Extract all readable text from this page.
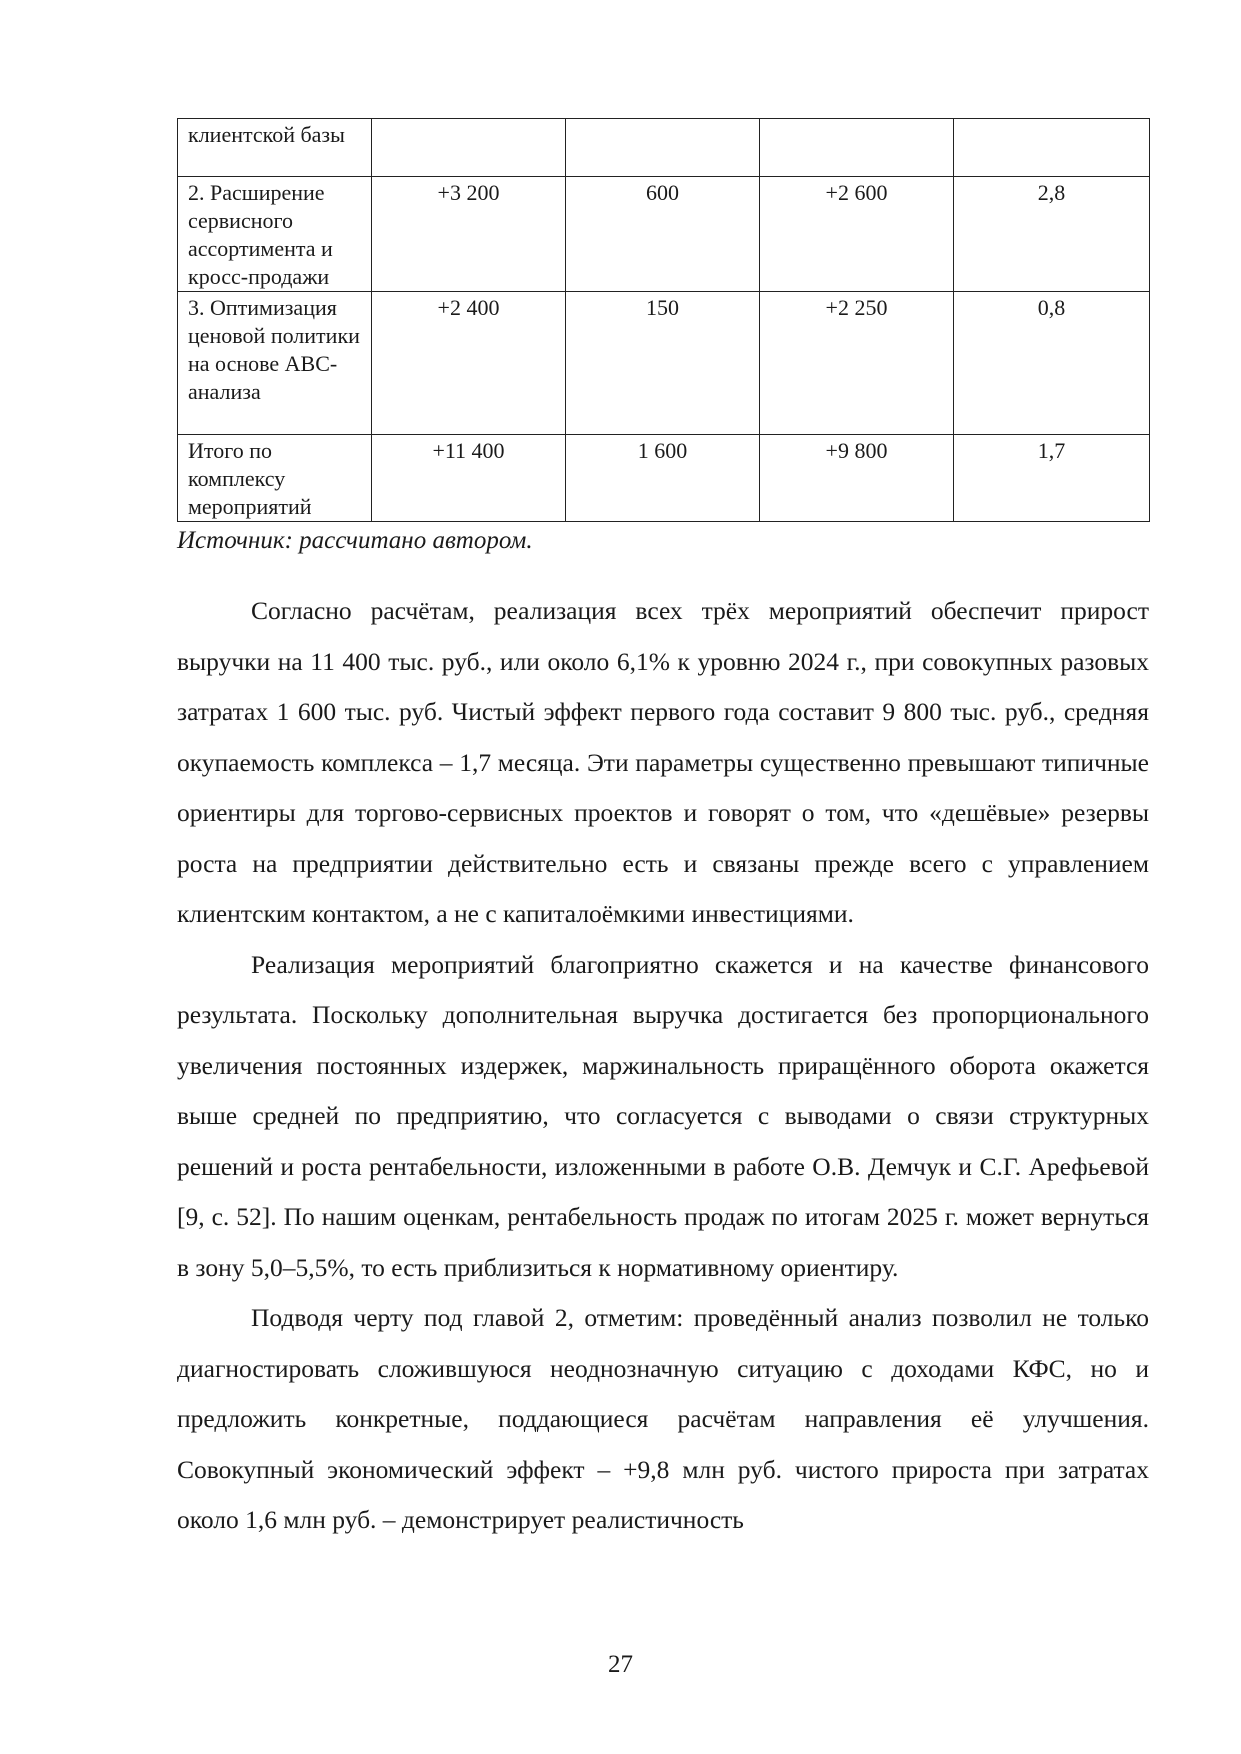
клиентской базы				
2. Расширение сервисного ассортимента и кросс-продажи	+3 200	600	+2 600	2,8
3. Оптимизация ценовой политики на основе ABC-анализа	+2 400	150	+2 250	0,8
Итого по комплексу мероприятий	+11 400	1 600	+9 800	1,7
Источник: рассчитано автором.

Согласно расчётам, реализация всех трёх мероприятий обеспечит прирост выручки на 11 400 тыс. руб., или около 6,1% к уровню 2024 г., при совокупных разовых затратах 1 600 тыс. руб. Чистый эффект первого года составит 9 800 тыс. руб., средняя окупаемость комплекса – 1,7 месяца. Эти параметры существенно превышают типичные ориентиры для торгово-сервисных проектов и говорят о том, что «дешёвые» резервы роста на предприятии действительно есть и связаны прежде всего с управлением клиентским контактом, а не с капиталоёмкими инвестициями.

Реализация мероприятий благоприятно скажется и на качестве финансового результата. Поскольку дополнительная выручка достигается без пропорционального увеличения постоянных издержек, маржинальность приращённого оборота окажется выше средней по предприятию, что согласуется с выводами о связи структурных решений и роста рентабельности, изложенными в работе О.В. Демчук и С.Г. Арефьевой [9, с. 52]. По нашим оценкам, рентабельность продаж по итогам 2025 г. может вернуться в зону 5,0–5,5%, то есть приблизиться к нормативному ориентиру.

Подводя черту под главой 2, отметим: проведённый анализ позволил не только диагностировать сложившуюся неоднозначную ситуацию с доходами КФС, но и предложить конкретные, поддающиеся расчётам направления её улучшения. Совокупный экономический эффект – +9,8 млн руб. чистого прироста при затратах около 1,6 млн руб. – демонстрирует реалистичность

27
